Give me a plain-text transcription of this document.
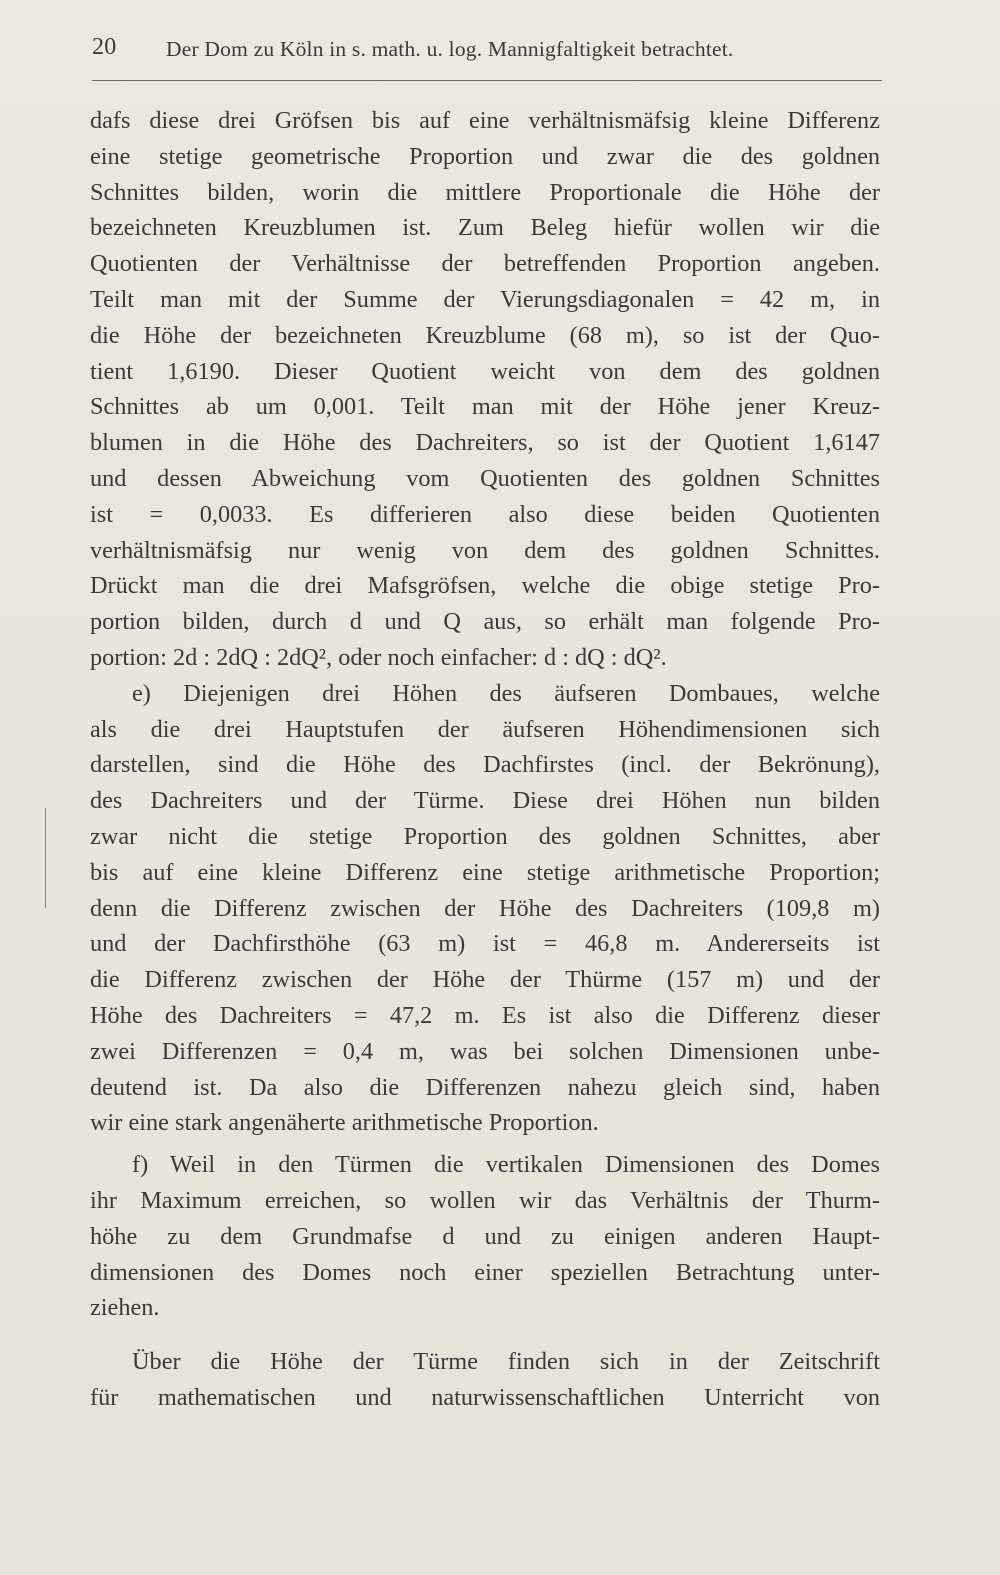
20 Der Dom zu Köln in s. math. u. log. Mannigfaltigkeit betrachtet.
dafs diese drei Gröfsen bis auf eine verhältnismäfsig kleine Differenz
eine stetige geometrische Proportion und zwar die des goldnen
Schnittes bilden, worin die mittlere Proportionale die Höhe der
bezeichneten Kreuzblumen ist. Zum Beleg hiefür wollen wir die
Quotienten der Verhältnisse der betreffenden Proportion angeben.
Teilt man mit der Summe der Vierungsdiagonalen = 42 m, in
die Höhe der bezeichneten Kreuzblume (68 m), so ist der Quo-
tient 1,6190. Dieser Quotient weicht von dem des goldnen
Schnittes ab um 0,001. Teilt man mit der Höhe jener Kreuz-
blumen in die Höhe des Dachreiters, so ist der Quotient 1,6147
und dessen Abweichung vom Quotienten des goldnen Schnittes
ist = 0,0033. Es differieren also diese beiden Quotienten
verhältnismäfsig nur wenig von dem des goldnen Schnittes.
Drückt man die drei Mafsgröfsen, welche die obige stetige Pro-
portion bilden, durch d und Q aus, so erhält man folgende Pro-
portion: 2d : 2dQ : 2dQ², oder noch einfacher: d : dQ : dQ².
e) Diejenigen drei Höhen des äufseren Dombaues, welche
als die drei Hauptstufen der äufseren Höhendimensionen sich
darstellen, sind die Höhe des Dachfirstes (incl. der Bekrönung),
des Dachreiters und der Türme. Diese drei Höhen nun bilden
zwar nicht die stetige Proportion des goldnen Schnittes, aber
bis auf eine kleine Differenz eine stetige arithmetische Proportion;
denn die Differenz zwischen der Höhe des Dachreiters (109,8 m)
und der Dachfirsthöhe (63 m) ist = 46,8 m. Andererseits ist
die Differenz zwischen der Höhe der Thürme (157 m) und der
Höhe des Dachreiters = 47,2 m. Es ist also die Differenz dieser
zwei Differenzen = 0,4 m, was bei solchen Dimensionen unbe-
deutend ist. Da also die Differenzen nahezu gleich sind, haben
wir eine stark angenäherte arithmetische Proportion.
f) Weil in den Türmen die vertikalen Dimensionen des Domes
ihr Maximum erreichen, so wollen wir das Verhältnis der Thurm-
höhe zu dem Grundmafse d und zu einigen anderen Haupt-
dimensionen des Domes noch einer speziellen Betrachtung unter-
ziehen.
Über die Höhe der Türme finden sich in der Zeitschrift
für mathematischen und naturwissenschaftlichen Unterricht von
